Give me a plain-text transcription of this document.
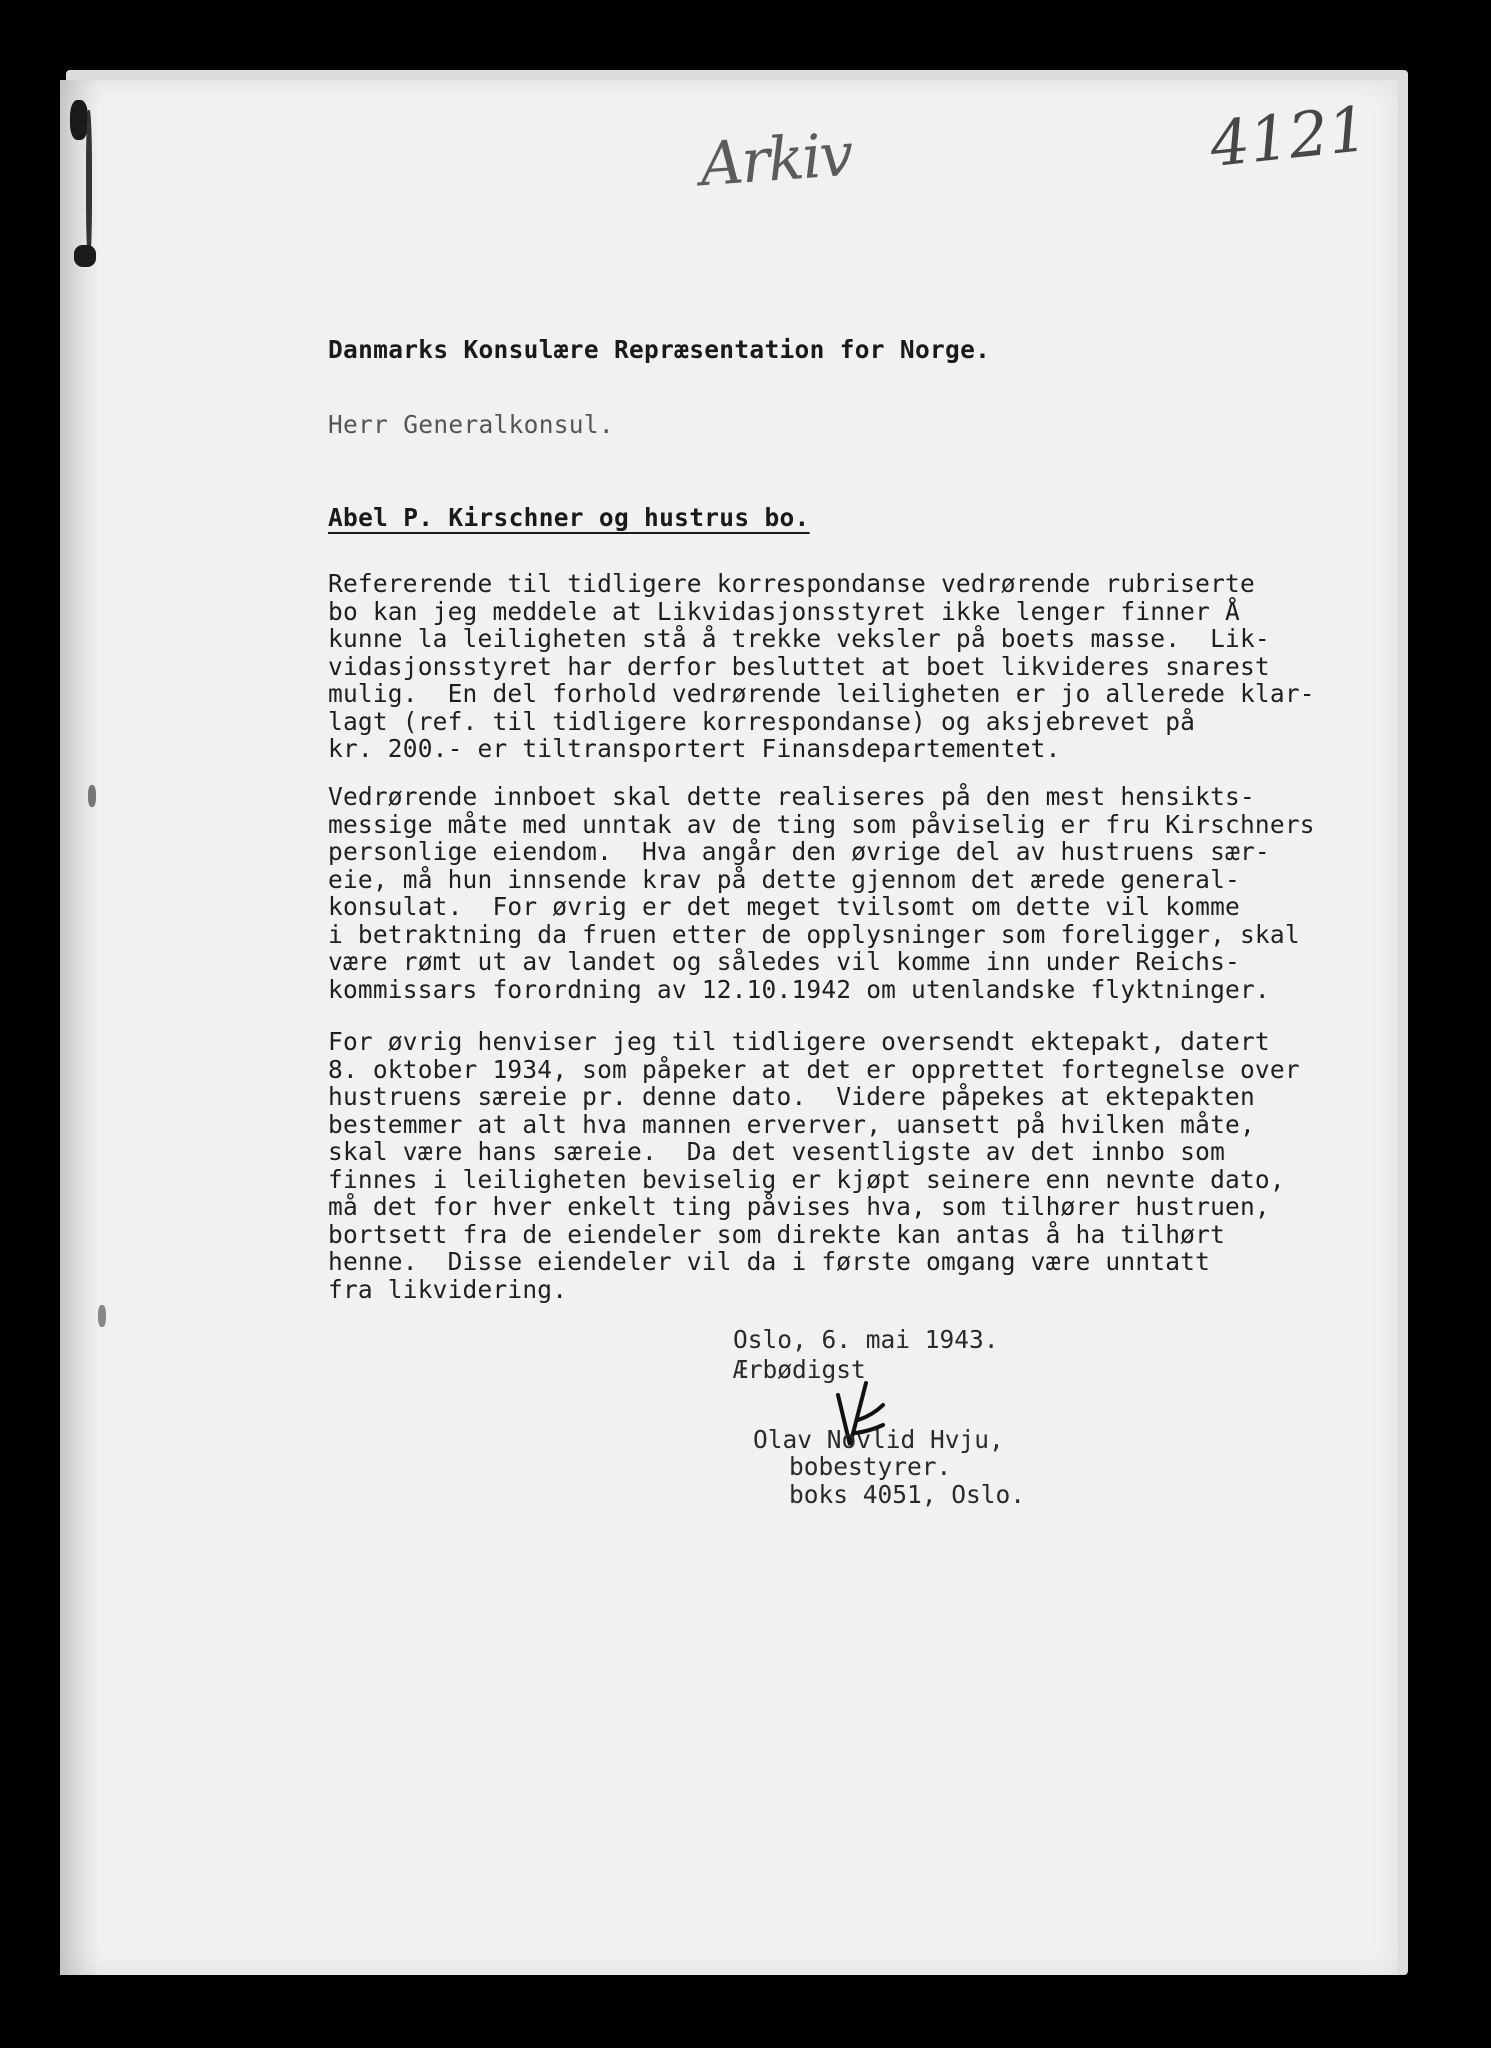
Arkiv	4121
Danmarks Konsulære Repræsentation for Norge.
Herr Generalkonsul.
Abel P. Kirschner og hustrus bo.
Refererende til tidligere korrespondanse vedrørende rubriserte
bo kan jeg meddele at Likvidasjonsstyret ikke lenger finner Å
kunne la leiligheten stå å trekke veksler på boets masse.  Lik-
vidasjonsstyret har derfor besluttet at boet likvideres snarest
mulig.  En del forhold vedrørende leiligheten er jo allerede klar-
lagt (ref. til tidligere korrespondanse) og aksjebrevet på
kr. 200.- er tiltransportert Finansdepartementet.
Vedrørende innboet skal dette realiseres på den mest hensikts-
messige måte med unntak av de ting som påviselig er fru Kirschners
personlige eiendom.  Hva angår den øvrige del av hustruens sær-
eie, må hun innsende krav på dette gjennom det ærede general-
konsulat.  For øvrig er det meget tvilsomt om dette vil komme
i betraktning da fruen etter de opplysninger som foreligger, skal
være rømt ut av landet og således vil komme inn under Reichs-
kommissars forordning av 12.10.1942 om utenlandske flyktninger.
For øvrig henviser jeg til tidligere oversendt ektepakt, datert
8. oktober 1934, som påpeker at det er opprettet fortegnelse over
hustruens særeie pr. denne dato.  Videre påpekes at ektepakten
bestemmer at alt hva mannen erverver, uansett på hvilken måte,
skal være hans særeie.  Da det vesentligste av det innbo som
finnes i leiligheten beviselig er kjøpt seinere enn nevnte dato,
må det for hver enkelt ting påvises hva, som tilhører hustruen,
bortsett fra de eiendeler som direkte kan antas å ha tilhørt
henne.  Disse eiendeler vil da i første omgang være unntatt
fra likvidering.
Oslo, 6. mai 1943.
Ærbødigst
Olav Novlid Hvju,
bobestyrer.
boks 4051, Oslo.
